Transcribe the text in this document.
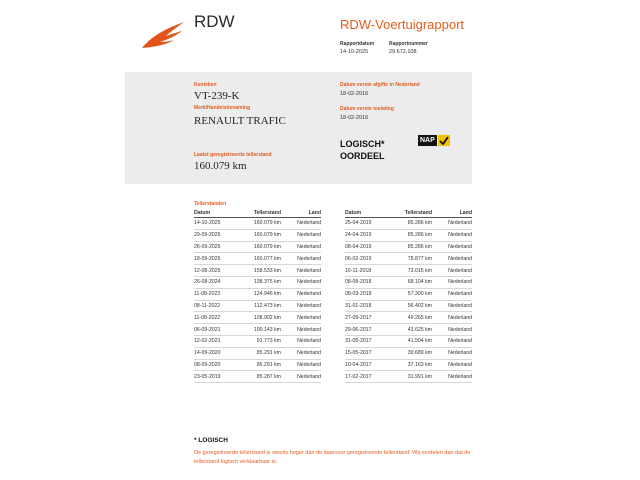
RDW	RDW-Voertuigrapport
Rapportdatum
14-10-2025
Rapportnummer
29.672.108
Kenteken
VT-239-K
Merk/Handelsbenaming
RENAULT TRAFIC
Datum eerste afgifte in Nederland
18-02-2016
Datum eerste toelating
18-02-2016
LOGISCH*
OORDEEL
NAP
Laatst geregistreerde tellerstand
160.079 km
Tellerstanden
Datum	Tellerstand	Land
14-10-2025	160.079 km	Nederland
29-09-2025	160.079 km	Nederland
26-09-2025	160.079 km	Nederland
18-09-2025	160.077 km	Nederland
12-08-2025	158.533 km	Nederland
26-08-2024	138.375 km	Nederland
11-08-2023	124.946 km	Nederland
08-11-2022	112.473 km	Nederland
11-08-2022	108.902 km	Nederland
06-09-2021	100.143 km	Nederland
12-02-2021	91.773 km	Nederland
14-09-2020	85.291 km	Nederland
08-09-2020	85.291 km	Nederland
23-05-2019	85.287 km	Nederland
Datum	Tellerstand	Land
25-04-2019	85.286 km	Nederland
24-04-2019	85.286 km	Nederland
08-04-2019	85.286 km	Nederland
06-02-2019	78.877 km	Nederland
16-11-2018	73.015 km	Nederland
08-08-2018	68.104 km	Nederland
08-03-2018	57.300 km	Nederland
31-01-2018	56.402 km	Nederland
27-09-2017	49.265 km	Nederland
29-06-2017	43.625 km	Nederland
31-05-2017	41.504 km	Nederland
15-05-2017	39.689 km	Nederland
10-04-2017	37.163 km	Nederland
17-02-2017	31.991 km	Nederland
* LOGISCH
De geregistreerde tellerstand is steeds hoger dan de daarvoor geregistreerde tellerstand. Wij oordelen dan dat de tellerstand logisch verklaarbaar is.
